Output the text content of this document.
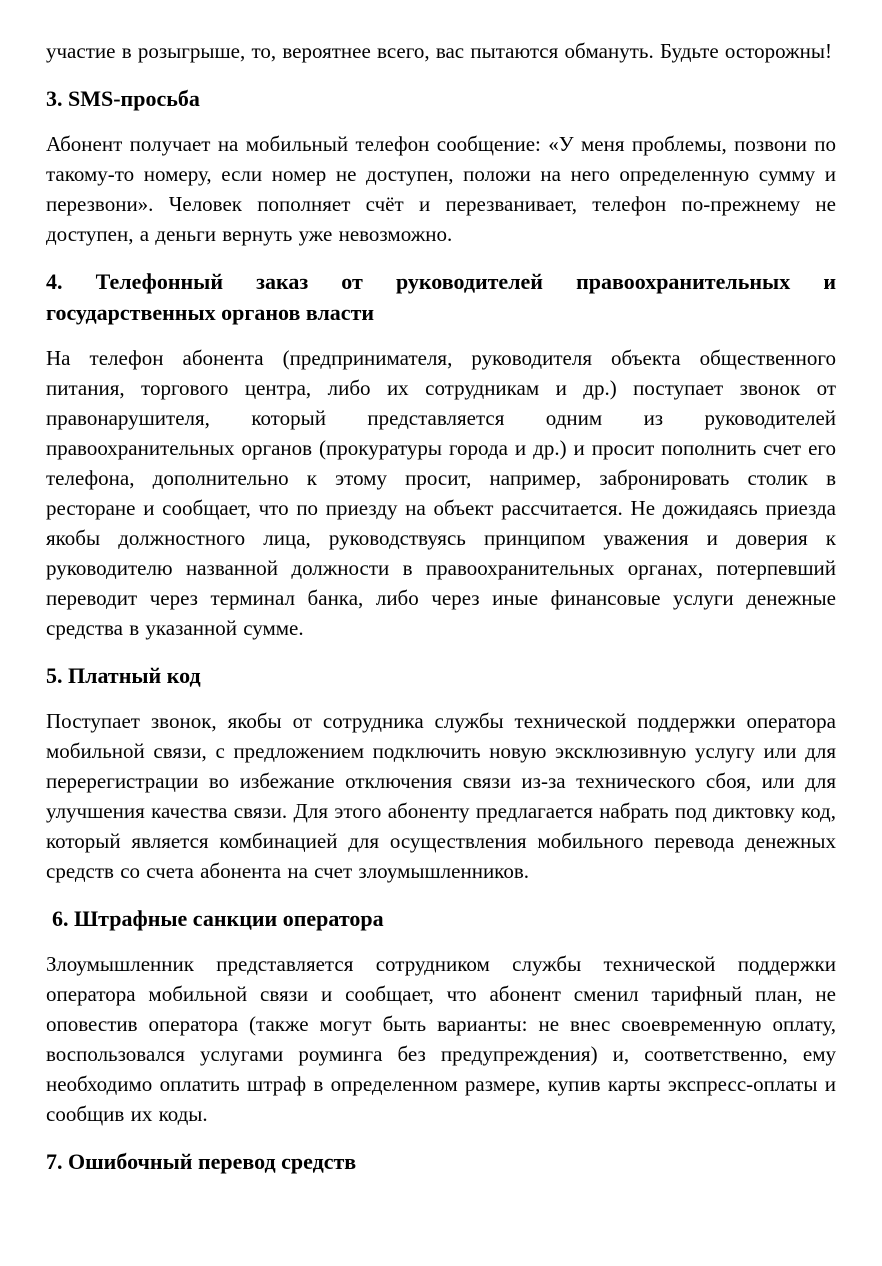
участие в розыгрыше, то, вероятнее всего, вас пытаются обмануть. Будьте осторожны!

3. SMS-просьба

Абонент получает на мобильный телефон сообщение: «У меня проблемы, позвони по такому-то номеру, если номер не доступен, положи на него определенную сумму и перезвони». Человек пополняет счёт и перезванивает, телефон по-прежнему не доступен, а деньги вернуть уже невозможно.

4. Телефонный заказ от руководителей правоохранительных и государственных органов власти

На телефон абонента (предпринимателя, руководителя объекта общественного питания, торгового центра, либо их сотрудникам и др.) поступает звонок от правонарушителя, который представляется одним из руководителей правоохранительных органов (прокуратуры города и др.) и просит пополнить счет его телефона, дополнительно к этому просит, например, забронировать столик в ресторане и сообщает, что по приезду на объект рассчитается. Не дожидаясь приезда якобы должностного лица, руководствуясь принципом уважения и доверия к руководителю названной должности в правоохранительных органах, потерпевший переводит через терминал банка, либо через иные финансовые услуги денежные средства в указанной сумме.

5. Платный код

Поступает звонок, якобы от сотрудника службы технической поддержки оператора мобильной связи, с предложением подключить новую эксклюзивную услугу или для перерегистрации во избежание отключения связи из-за технического сбоя, или для улучшения качества связи. Для этого абоненту предлагается набрать под диктовку код, который является комбинацией для осуществления мобильного перевода денежных средств со счета абонента на счет злоумышленников.

6. Штрафные санкции оператора

Злоумышленник представляется сотрудником службы технической поддержки оператора мобильной связи и сообщает, что абонент сменил тарифный план, не оповестив оператора (также могут быть варианты: не внес своевременную оплату, воспользовался услугами роуминга без предупреждения) и, соответственно, ему необходимо оплатить штраф в определенном размере, купив карты экспресс-оплаты и сообщив их коды.

7. Ошибочный перевод средств
